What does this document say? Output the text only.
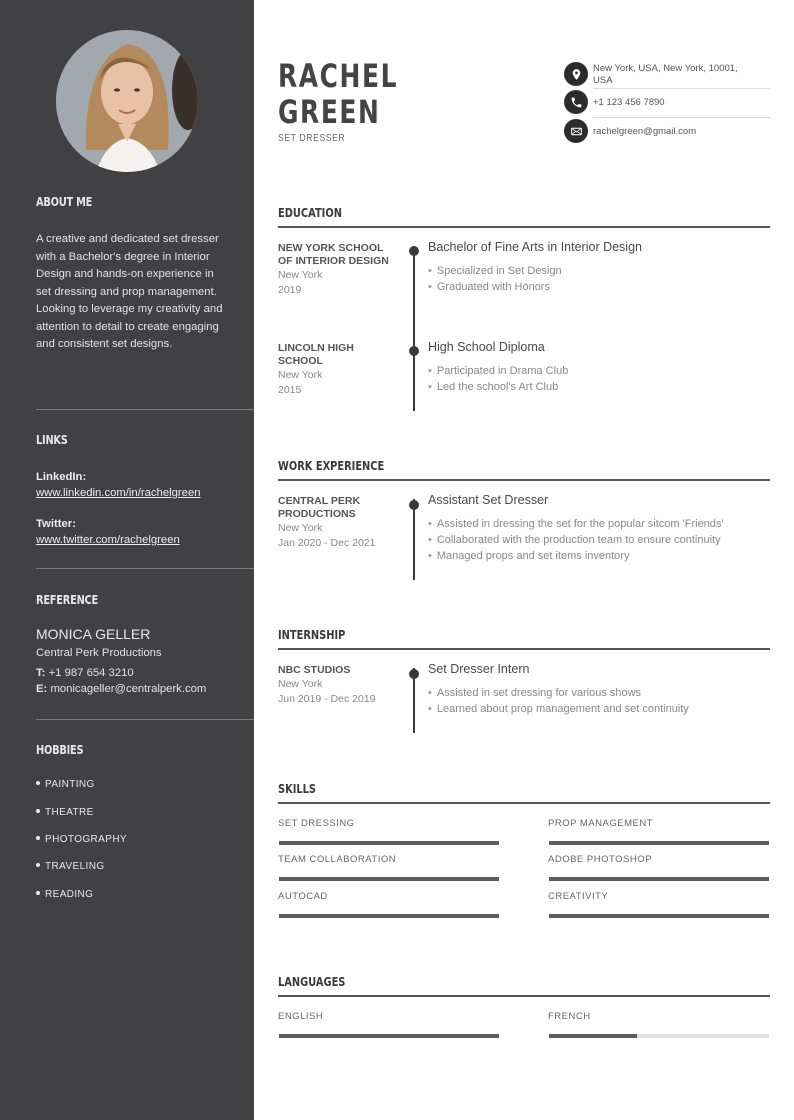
ABOUT ME
A creative and dedicated set dresser with a Bachelor's degree in Interior Design and hands-on experience in set dressing and prop management. Looking to leverage my creativity and attention to detail to create engaging and consistent set designs.
LINKS
LinkedIn:
www.linkedin.com/in/rachelgreen
Twitter:
www.twitter.com/rachelgreen
REFERENCE
MONICA GELLER
Central Perk Productions
T: +1 987 654 3210
E: monicageller@centralperk.com
HOBBIES
PAINTING
THEATRE
PHOTOGRAPHY
TRAVELING
READING
RACHEL
GREEN
SET DRESSER
New York, USA, New York, 10001,
USA
+1 123 456 7890
rachelgreen@gmail.com
EDUCATION
NEW YORK SCHOOL OF INTERIOR DESIGN
New York
2019
Bachelor of Fine Arts in Interior Design
• Specialized in Set Design
• Graduated with Honors
LINCOLN HIGH SCHOOL
New York
2015
High School Diploma
• Participated in Drama Club
• Led the school's Art Club
WORK EXPERIENCE
CENTRAL PERK PRODUCTIONS
New York
Jan 2020 - Dec 2021
Assistant Set Dresser
• Assisted in dressing the set for the popular sitcom 'Friends'
• Collaborated with the production team to ensure continuity
• Managed props and set items inventory
INTERNSHIP
NBC STUDIOS
New York
Jun 2019 - Dec 2019
Set Dresser Intern
• Assisted in set dressing for various shows
• Learned about prop management and set continuity
SKILLS
SET DRESSING	PROP MANAGEMENT
TEAM COLLABORATION	ADOBE PHOTOSHOP
AUTOCAD	CREATIVITY
LANGUAGES
ENGLISH	FRENCH
